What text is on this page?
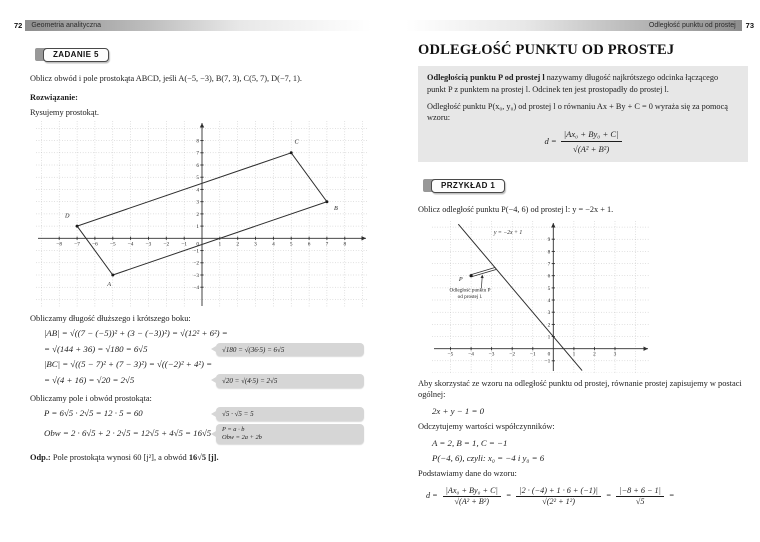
72 Geometria analityczna
ZADANIE 5

Oblicz obwód i pole prostokąta ABCD, jeśli A(−5, −3), B(7, 3), C(5, 7), D(−7, 1).

Rozwiązanie:

Rysujemy prostokąt.

−8 −7 −6 −5 −4 −3 −2 −1	1	2	3	4	5	6	7	8
−4
−3
−2
−1
1
2
3
4
5
6
7
8
0
A
B
C
D

Obliczamy długość dłuższego i krótszego boku:

|AB| = √((7 − (−5))² + (3 − (−3))²) = √(12² + 6²) =

= √(144 + 36) = √180 = 6√5	√180 = √(36·5) = 6√5

|BC| = √((5 − 7)² + (7 − 3)²) = √((−2)² + 4²) =

= √(4 + 16) = √20 = 2√5	√20 = √(4·5) = 2√5

Obliczamy pole i obwód prostokąta:

P = 6√5 · 2√5 = 12 · 5 = 60	√5 · √5 = 5

Obw = 2 · 6√5 + 2 · 2√5 = 12√5 + 4√5 = 16√5 P = a · b
Obw = 2a + 2b

Odp.: Pole prostokąta wynosi 60 [j²], a obwód 16√5 [j].

Odległość punktu od prostej 73

ODLEGŁOŚĆ PUNKTU OD PROSTEJ

Odległością punktu P od prostej l nazywamy długość najkrótszego odcinka łączącego punkt P z punktem na prostej l. Odcinek ten jest prostopadły do prostej l.

Odległość punktu P(x₀, y₀) od prostej l o równaniu Ax + By + C = 0 wyraża się za pomocą wzoru:

$d = \frac{\text{|Ax₀ + By₀ + C|}}{\text{√(A² + B²)}}$
PRZYKŁAD 1

Oblicz odległość punktu P(−4, 6) od prostej l: y = −2x + 1.

−5	−4	−3	−2	−1	1	2	3
−1
1
2
3
4
5
6
7
8
9
0
y = −2x + 1
P
Odległość punktu P
od prostej l.

Aby skorzystać ze wzoru na odległość punktu od prostej, równanie prostej zapisujemy w postaci ogólnej:

2x + y − 1 = 0

Odczytujemy wartości współczynników:

A = 2, B = 1, C = −1

P(−4, 6), czyli: x₀ = −4 i y₀ = 6

Podstawiamy dane do wzoru:

$d = \frac{\text{|Ax₀ + By₀ + C|}}{\text{√(A² + B²)}} = \frac{|2 \cdot (-4) + 1 \cdot 6 + (-1)|}{\text{√(2² + 1²)}} = \frac{|-8 + 6 - 1|}{√5}$ =
